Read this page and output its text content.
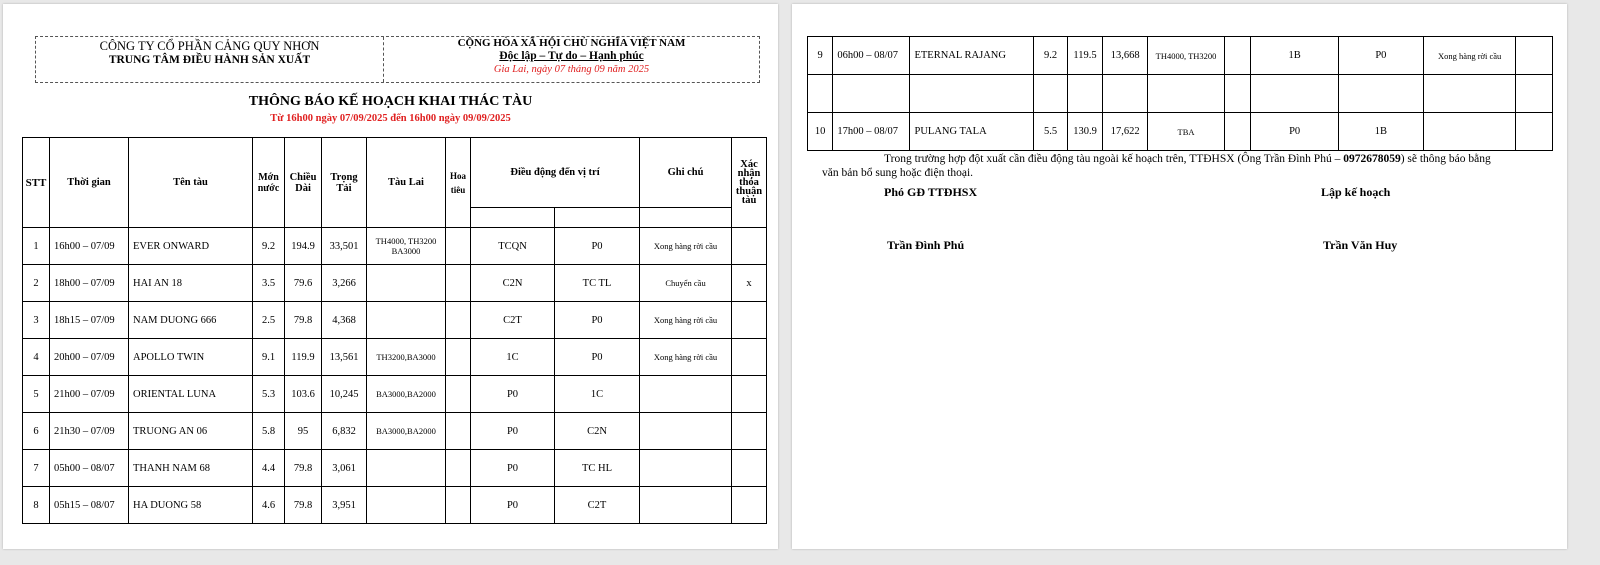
CÔNG TY CỔ PHẦN CẢNG QUY NHƠN
TRUNG TÂM ĐIỀU HÀNH SẢN XUẤT
CỘNG HÒA XÃ HỘI CHỦ NGHĨA VIỆT NAM
Độc lập – Tự do – Hạnh phúc
Gia Lai, ngày 07 tháng 09 năm 2025
THÔNG BÁO KẾ HOẠCH KHAI THÁC TÀU
Từ 16h00 ngày 07/09/2025 đến 16h00 ngày 09/09/2025
STT	Thời gian	Tên tàu	Mớn nước	Chiều Dài	Trọng Tải	Tàu Lai	Hoa tiêu	Điều động đến vị trí		Ghi chú	Xác nhận thỏa thuận tàu

1	16h00 – 07/09	EVER ONWARD	9.2	194.9	33,501	TH4000, TH3200 BA3000		TCQN	P0	Xong hàng rời cầu	
2	18h00 – 07/09	HAI AN 18	3.5	79.6	3,266			C2N	TC TL	Chuyển cầu	x
3	18h15 – 07/09	NAM DUONG 666	2.5	79.8	4,368			C2T	P0	Xong hàng rời cầu	
4	20h00 – 07/09	APOLLO TWIN	9.1	119.9	13,561	TH3200,BA3000		1C	P0	Xong hàng rời cầu	
5	21h00 – 07/09	ORIENTAL LUNA	5.3	103.6	10,245	BA3000,BA2000		P0	1C		
6	21h30 – 07/09	TRUONG AN 06	5.8	95	6,832	BA3000,BA2000		P0	C2N		
7	05h00 – 08/07	THANH NAM 68	4.4	79.8	3,061			P0	TC HL		
8	05h15 – 08/07	HA DUONG 58	4.6	79.8	3,951			P0	C2T		
9	06h00 – 08/07	ETERNAL RAJANG	9.2	119.5	13,668	TH4000, TH3200		1B	P0	Xong hàng rời cầu	

10	17h00 – 08/07	PULANG TALA	5.5	130.9	17,622	TBA		P0	1B		
Trong trường hợp đột xuất cần điều động tàu ngoài kế hoạch trên, TTĐHSX (Ông Trần Đình Phú – 0972678059) sẽ thông báo bằng
văn bản bổ sung hoặc điện thoại.
Phó GĐ TTĐHSX
Trần Đình Phú
Lập kế hoạch
Trần Văn Huy
